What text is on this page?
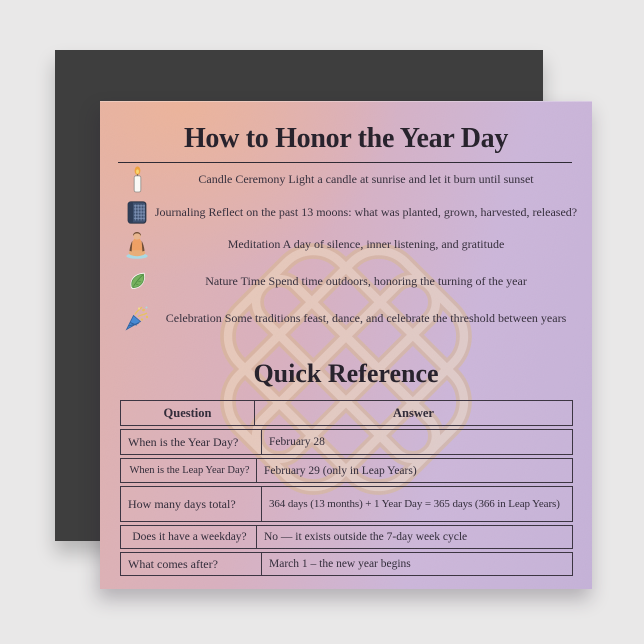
How to Honor the Year Day
Candle Ceremony Light a candle at sunrise and let it burn until sunset
Journaling Reflect on the past 13 moons: what was planted, grown, harvested, released?
Meditation A day of silence, inner listening, and gratitude
Nature Time Spend time outdoors, honoring the turning of the year
Celebration Some traditions feast, dance, and celebrate the threshold between years
Quick Reference
Question	Answer
When is the Year Day?	February 28
When is the Leap Year Day?	February 29 (only in Leap Years)
How many days total?	364 days (13 months) + 1 Year Day = 365 days (366 in Leap Years)
Does it have a weekday?	No — it exists outside the 7-day week cycle
What comes after?	March 1 – the new year begins
